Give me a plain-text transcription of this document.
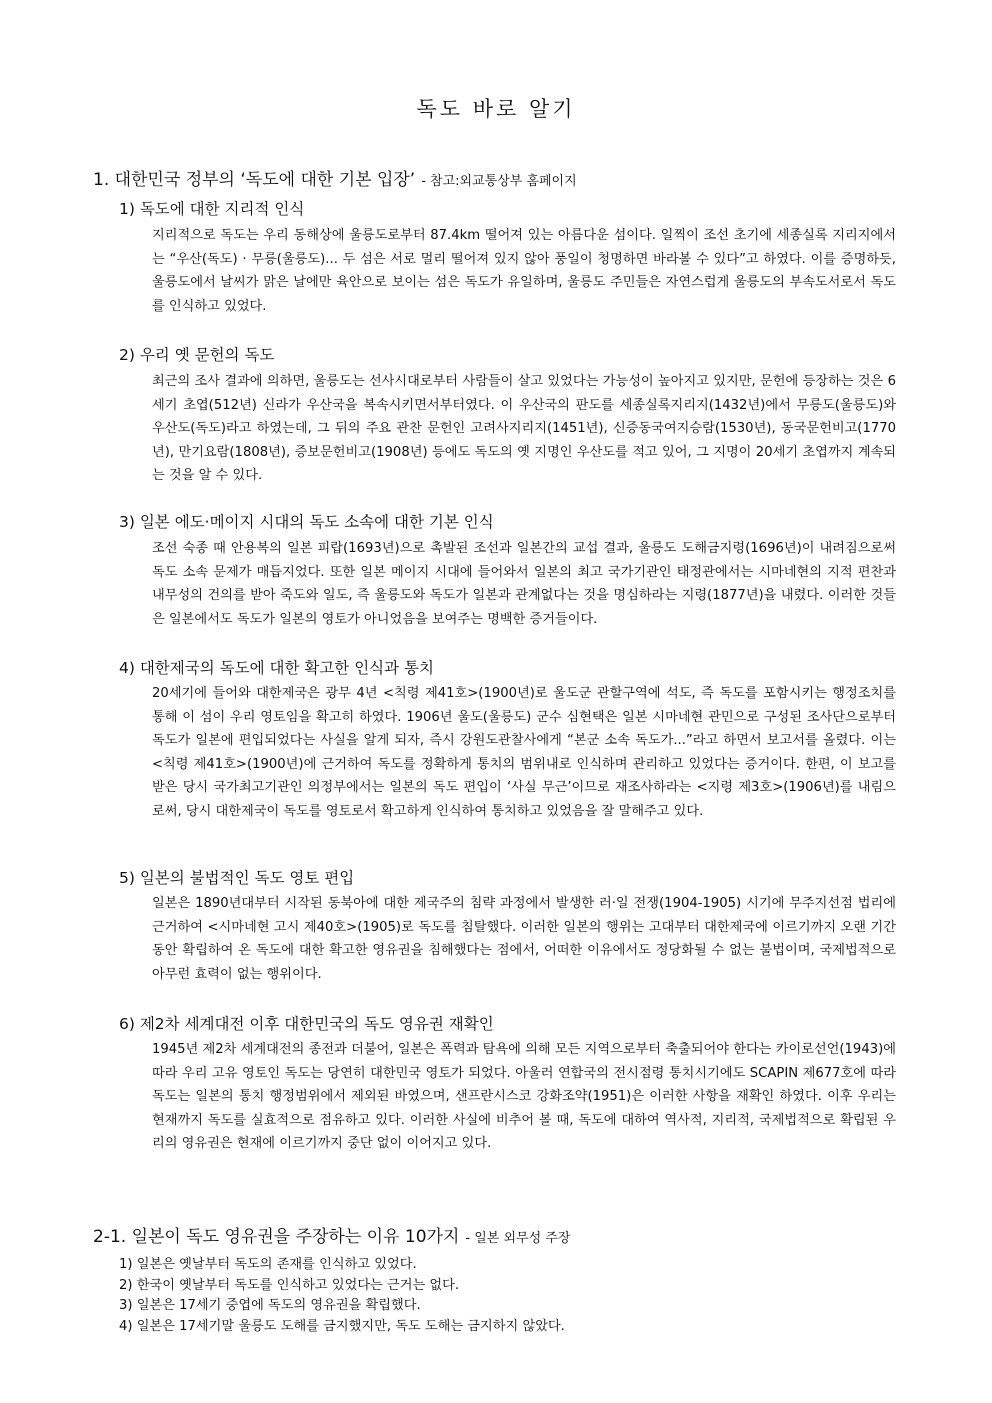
독도 바로 알기
1. 대한민국 정부의 ‘독도에 대한 기본 입장’ - 참고:외교통상부 홈페이지
1) 독도에 대한 지리적 인식
지리적으로 독도는 우리 동해상에 울릉도로부터 87.4km 떨어져 있는 아름다운 섬이다. 일찍이 조선 초기에 세종실록 지리지에서는 “우산(독도) · 무릉(울릉도)... 두 섬은 서로 멀리 떨어져 있지 않아 풍일이 청명하면 바라볼 수 있다”고 하였다. 이를 증명하듯, 울릉도에서 날씨가 맑은 날에만 육안으로 보이는 섬은 독도가 유일하며, 울릉도 주민들은 자연스럽게 울릉도의 부속도서로서 독도를 인식하고 있었다.
2) 우리 옛 문헌의 독도
최근의 조사 결과에 의하면, 울릉도는 선사시대로부터 사람들이 살고 있었다는 가능성이 높아지고 있지만, 문헌에 등장하는 것은 6세기 초엽(512년) 신라가 우산국을 복속시키면서부터였다. 이 우산국의 판도를 세종실록지리지(1432년)에서 무릉도(울릉도)와 우산도(독도)라고 하였는데, 그 뒤의 주요 관찬 문헌인 고려사지리지(1451년), 신증동국여지승람(1530년), 동국문헌비고(1770년), 만기요람(1808년), 증보문헌비고(1908년) 등에도 독도의 옛 지명인 우산도를 적고 있어, 그 지명이 20세기 초엽까지 계속되는 것을 알 수 있다.
3) 일본 에도·메이지 시대의 독도 소속에 대한 기본 인식
조선 숙종 때 안용복의 일본 피랍(1693년)으로 촉발된 조선과 일본간의 교섭 결과, 울릉도 도해금지령(1696년)이 내려짐으로써 독도 소속 문제가 매듭지었다. 또한 일본 메이지 시대에 들어와서 일본의 최고 국가기관인 태정관에서는 시마네현의 지적 편찬과 내무성의 건의를 받아 죽도와 일도, 즉 울릉도와 독도가 일본과 관계없다는 것을 명심하라는 지령(1877년)을 내렸다. 이러한 것들은 일본에서도 독도가 일본의 영토가 아니었음을 보여주는 명백한 증거들이다.
4) 대한제국의 독도에 대한 확고한 인식과 통치
20세기에 들어와 대한제국은 광무 4년 <칙령 제41호>(1900년)로 울도군 관할구역에 석도, 즉 독도를 포함시키는 행정조치를 통해 이 섬이 우리 영토임을 확고히 하였다. 1906년 울도(울릉도) 군수 심현택은 일본 시마네현 관민으로 구성된 조사단으로부터 독도가 일본에 편입되었다는 사실을 알게 되자, 즉시 강원도관찰사에게 “본군 소속 독도가...”라고 하면서 보고서를 올렸다. 이는 <칙령 제41호>(1900년)에 근거하여 독도를 정확하게 통치의 범위내로 인식하며 관리하고 있었다는 증거이다. 한편, 이 보고를 받은 당시 국가최고기관인 의정부에서는 일본의 독도 편입이 ‘사실 무근’이므로 재조사하라는 <지령 제3호>(1906년)를 내림으로써, 당시 대한제국이 독도를 영토로서 확고하게 인식하여 통치하고 있었음을 잘 말해주고 있다.
5) 일본의 불법적인 독도 영토 편입
일본은 1890년대부터 시작된 동북아에 대한 제국주의 침략 과정에서 발생한 러·일 전쟁(1904-1905) 시기에 무주지선점 법리에 근거하여 <시마네현 고시 제40호>(1905)로 독도를 침탈했다. 이러한 일본의 행위는 고대부터 대한제국에 이르기까지 오랜 기간 동안 확립하여 온 독도에 대한 확고한 영유권을 침해했다는 점에서, 어떠한 이유에서도 정당화될 수 없는 불법이며, 국제법적으로 아무런 효력이 없는 행위이다.
6) 제2차 세계대전 이후 대한민국의 독도 영유권 재확인
1945년 제2차 세계대전의 종전과 더불어, 일본은 폭력과 탐욕에 의해 모든 지역으로부터 축출되어야 한다는 카이로선언(1943)에 따라 우리 고유 영토인 독도는 당연히 대한민국 영토가 되었다. 아울러 연합국의 전시점령 통치시기에도 SCAPIN 제677호에 따라 독도는 일본의 통치 행정범위에서 제외된 바였으며, 샌프란시스코 강화조약(1951)은 이러한 사항을 재확인 하였다. 이후 우리는 현재까지 독도를 실효적으로 점유하고 있다. 이러한 사실에 비추어 볼 때, 독도에 대하여 역사적, 지리적, 국제법적으로 확립된 우리의 영유권은 현재에 이르기까지 중단 없이 이어지고 있다.
2-1. 일본이 독도 영유권을 주장하는 이유 10가지 - 일본 외무성 주장
1) 일본은 옛날부터 독도의 존재를 인식하고 있었다.
2) 한국이 옛날부터 독도를 인식하고 있었다는 근거는 없다.
3) 일본은 17세기 중엽에 독도의 영유권을 확립했다.
4) 일본은 17세기말 울릉도 도해를 금지했지만, 독도 도해는 금지하지 않았다.
